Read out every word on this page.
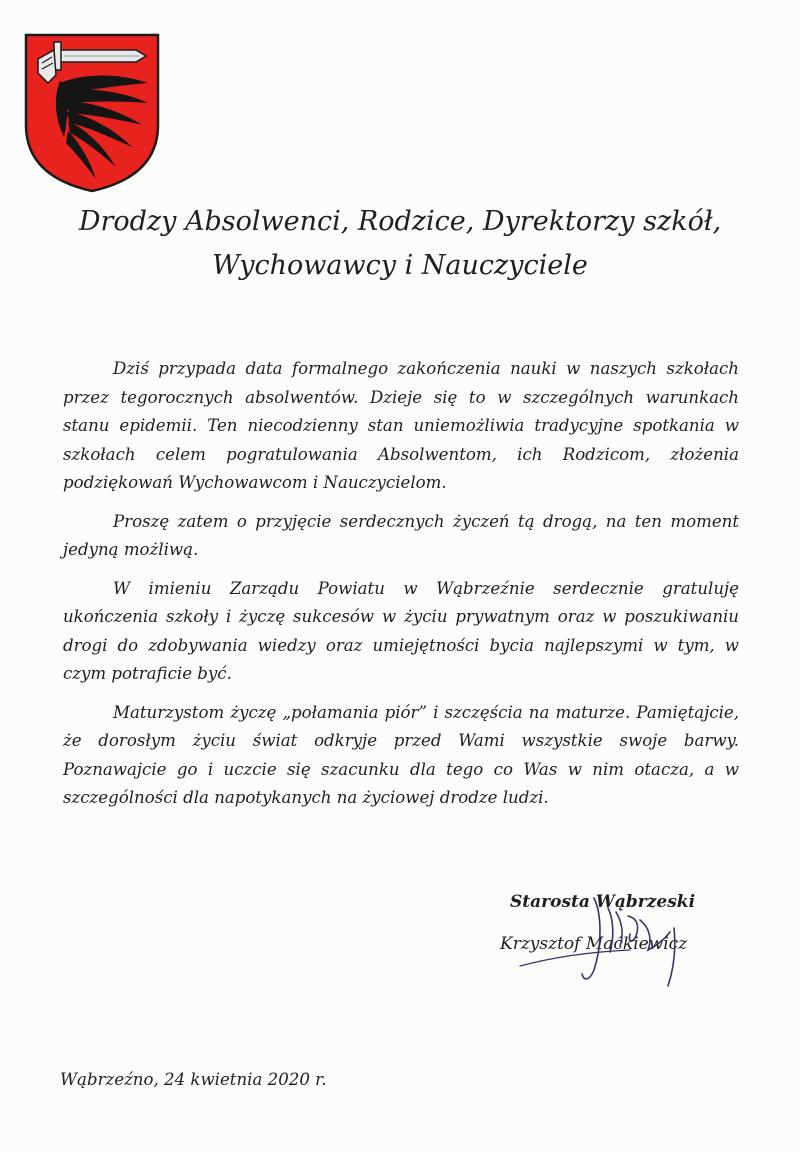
Drodzy Absolwenci, Rodzice, Dyrektorzy szkół,
Wychowawcy i Nauczyciele

Dziś przypada data formalnego zakończenia nauki w naszych szkołach przez tegorocznych absolwentów. Dzieje się to w szczególnych warunkach stanu epidemii. Ten niecodzienny stan uniemożliwia tradycyjne spotkania w szkołach celem pogratulowania Absolwentom, ich Rodzicom, złożenia podziękowań Wychowawcom i Nauczycielom.

Proszę zatem o przyjęcie serdecznych życzeń tą drogą, na ten moment jedyną możliwą.

W imieniu Zarządu Powiatu w Wąbrzeźnie serdecznie gratuluję ukończenia szkoły i życzę sukcesów w życiu prywatnym oraz w poszukiwaniu drogi do zdobywania wiedzy oraz umiejętności bycia najlepszymi w tym, w czym potraficie być.

Maturzystom życzę „połamania piór” i szczęścia na maturze. Pamiętajcie, że dorosłym życiu świat odkryje przed Wami wszystkie swoje barwy. Poznawajcie go i uczcie się szacunku dla tego co Was w nim otacza, a w szczególności dla napotykanych na życiowej drodze ludzi.

Starosta Wąbrzeski
Krzysztof Maćkiewicz
Wąbrzeźno, 24 kwietnia 2020 r.
